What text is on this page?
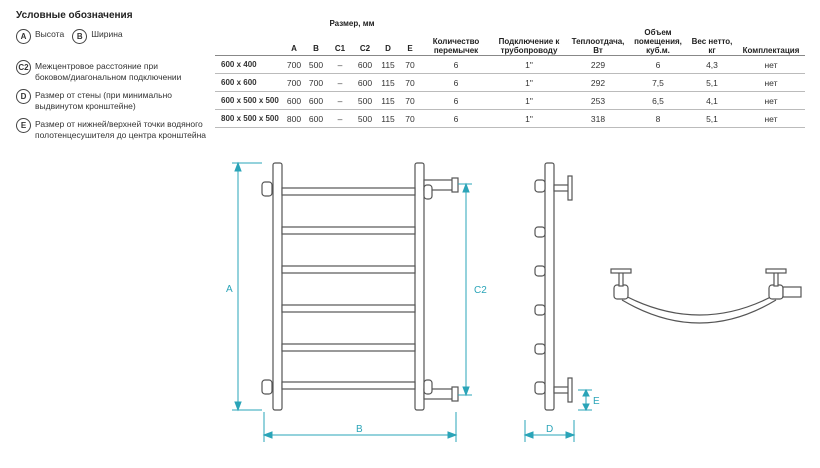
Условные обозначения
A	Высота	B	Ширина
C2 Межцентровое расстояние при боковом/диагональном подключении
D	Размер от стены (при минимально выдвинутом кронштейне)
E	Размер от нижней/верхней точки водяного полотенцесушителя до центра кронштейна
	Размер, мм						Количество перемычек	Подключение к трубопроводу	Теплоотдача, Вт	Объем помещения, куб.м.	Вес нетто, кг	Комплектация
	A	B	C1	C2	D	E						
600 x 400	700	500	–	600	115	70	6	1"	229	6	4,3	нет
600 x 600	700	700	–	600	115	70	6	1"	292	7,5	5,1	нет
600 x 500 x 500	600	600	–	500	115	70	6	1"	253	6,5	4,1	нет
800 x 500 x 500	800	600	–	500	115	70	6	1"	318	8	5,1	нет
A	C2
B	D
E
